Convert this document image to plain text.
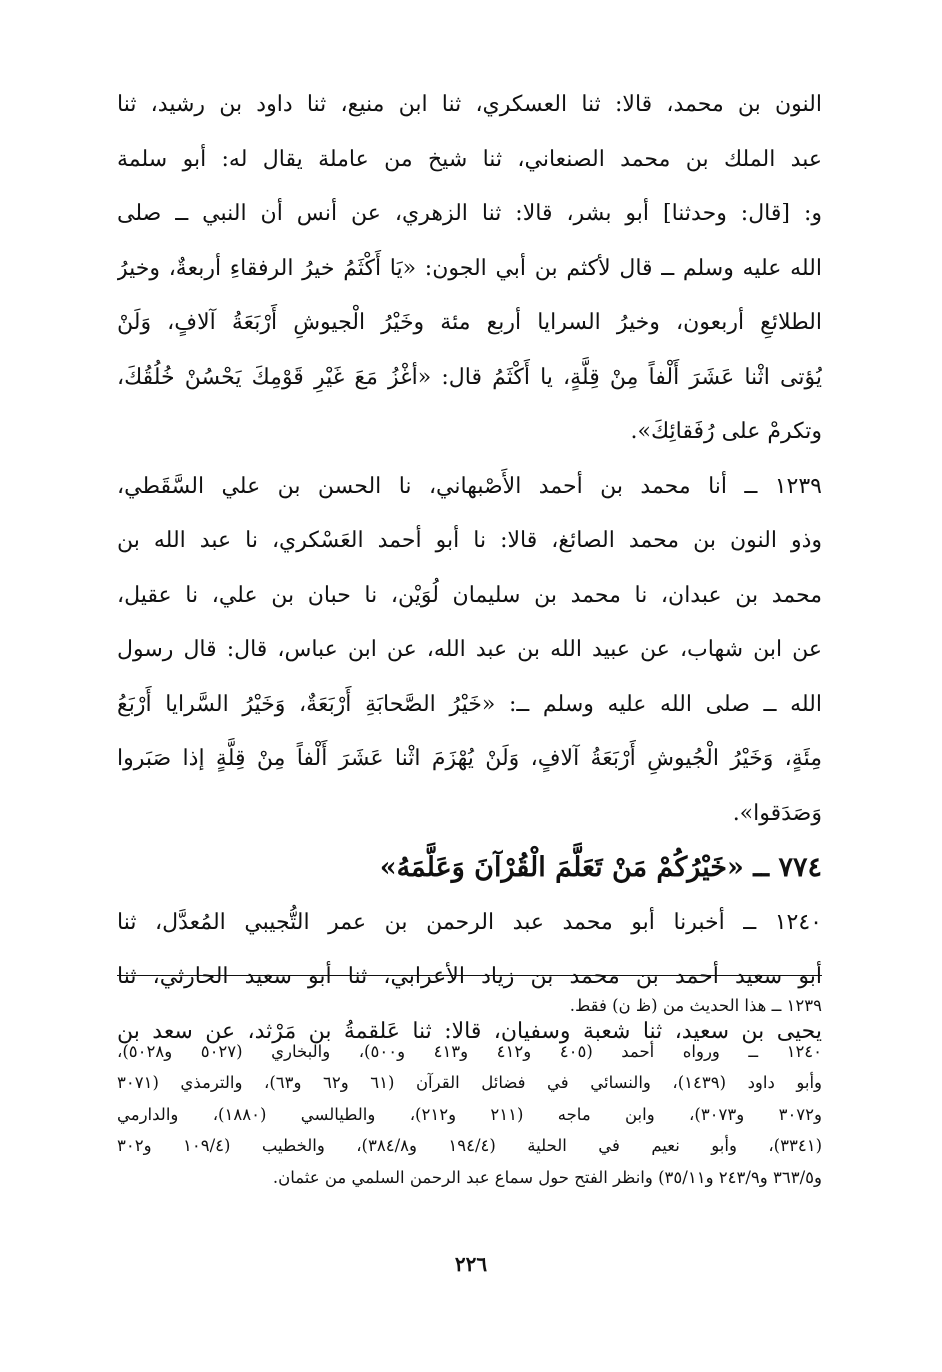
النون بن محمد، قالا: ثنا العسكري، ثنا ابن منيع، ثنا داود بن رشيد، ثنا
عبد الملك بن محمد الصنعاني، ثنا شيخ من عاملة يقال له: أبو سلمة
و: [قال: وحدثنا] أبو بشر، قالا: ثنا الزهري، عن أنس أن النبي ــ صلى
الله عليه وسلم ــ قال لأكثم بن أبي الجون: «يَا أَكْثَمُ خيرُ الرفقاءِ أربعةٌ، وخيرُ
الطلائعِ أربعون، وخيرُ السرايا أربع مئة وخَيْرُ الْجيوشِ أَرْبَعَةُ آلافٍ، وَلَنْ
يُؤتى اثْنا عَشَرَ أَلْفاً مِنْ قِلَّةٍ، يا أَكْثَمُ قال: «أغْزُ مَعَ غَيْرِ قَوْمِكَ يَحْسُنْ خُلُقُكَ،
وتكرمْ على رُفَقائِكَ».
١٢٣٩ ــ أنا محمد بن أحمد الأَصْبهاني، نا الحسن بن علي السَّقَطي،
وذو النون بن محمد الصائغ، قالا: نا أبو أحمد العَسْكري، نا عبد الله بن
محمد بن عبدان، نا محمد بن سليمان لُوَيْن، نا حبان بن علي، نا عقيل،
عن ابن شهاب، عن عبيد الله بن عبد الله، عن ابن عباس، قال: قال رسول
الله ــ صلى الله عليه وسلم ــ: «خَيْرُ الصَّحابَةِ أَرْبَعَةٌ، وَخَيْرُ السَّرايا أَرْبَعُ
مِئَةٍ، وَخَيْرُ الْجُيوشِ أَرْبَعَةُ آلافٍ، وَلَنْ يُهْزَمَ اثْنا عَشَرَ أَلْفاً مِنْ قِلَّةٍ إذا صَبَروا
وَصَدَقوا».
٧٧٤ ــ «خَيْرُكُمْ مَنْ تَعَلَّمَ الْقُرْآنَ وَعَلَّمَهُ»
١٢٤٠ ــ أخبرنا أبو محمد عبد الرحمن بن عمر التُّجيبي المُعدَّل، ثنا
أبو سعيد أحمد بن محمد بن زياد الأعرابي، ثنا أبو سعيد الحارثي، ثنا
يحيى بن سعيد، ثنا شعبة وسفيان، قالا: ثنا عَلقمةُ بن مَرْثد، عن سعد بن
١٢٣٩ ــ هذا الحديث من (ظ ن) فقط.
١٢٤٠ ــ ورواه أحمد (٤٠٥ و٤١٢ و٤١٣ و٥٠٠)، والبخاري (٥٠٢٧ و٥٠٢٨)،
وأبو داود (١٤٣٩)، والنسائي في فضائل القرآن (٦١ و٦٢ و٦٣)، والترمذي (٣٠٧١
و٣٠٧٢ و٣٠٧٣)، وابن ماجه (٢١١ و٢١٢)، والطيالسي (١٨٨٠)، والدارمي
(٣٣٤١)، وأبو نعيم في الحلية (١٩٤/٤ و٣٨٤/٨)، والخطيب (١٠٩/٤ و٣٠٢
و٣٦٣/٥ و٢٤٣/٩ و٣٥/١١) وانظر الفتح حول سماع عبد الرحمن السلمي من عثمان.
٢٢٦
